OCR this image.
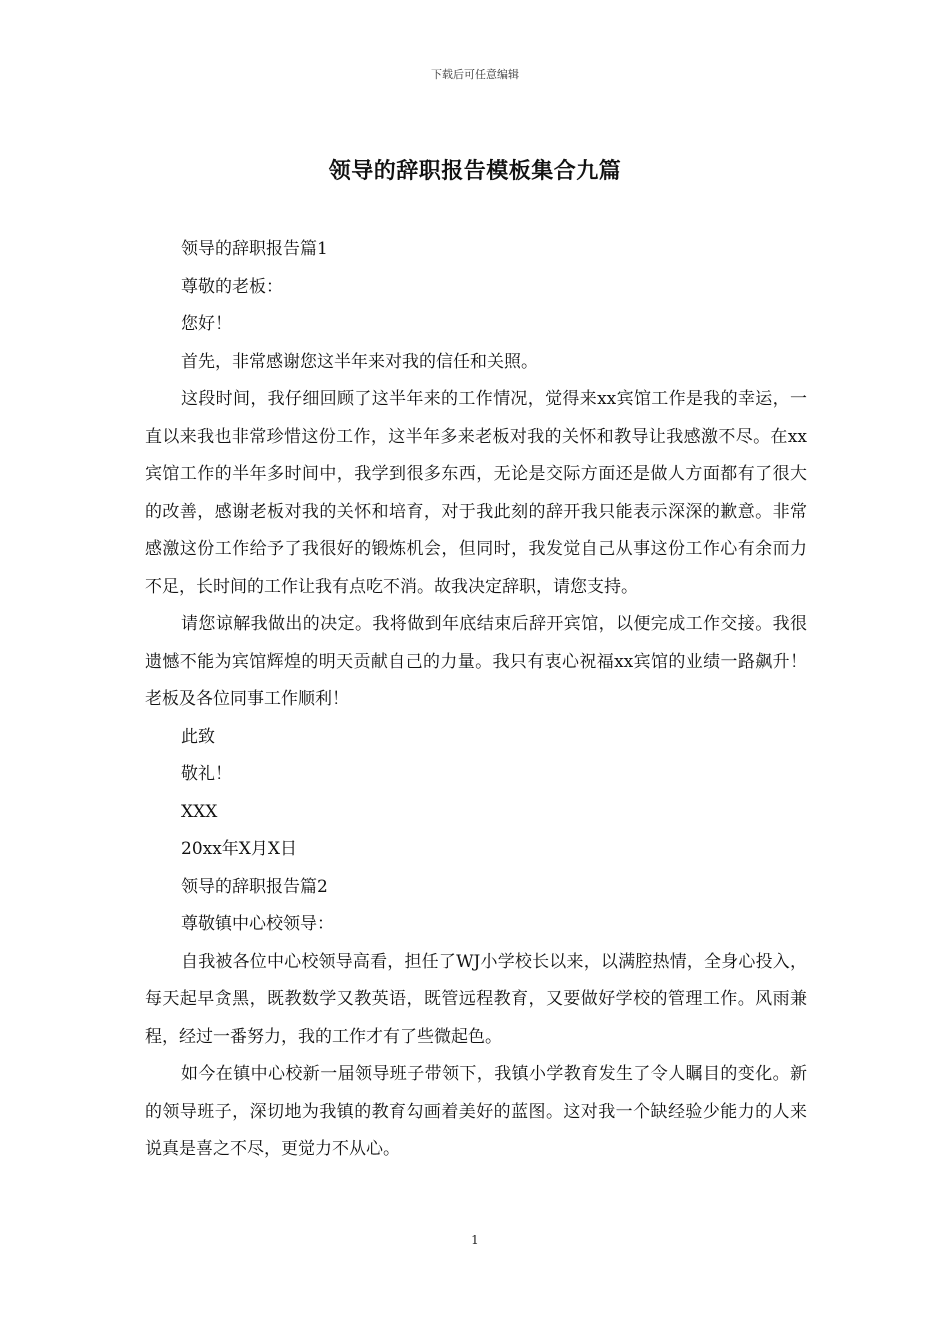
下载后可任意编辑
领导的辞职报告模板集合九篇

领导的辞职报告篇1

尊敬的老板：

您好！

首先，非常感谢您这半年来对我的信任和关照。

这段时间，我仔细回顾了这半年来的工作情况，觉得来xx宾馆工作是我的幸运，一直以来我也非常珍惜这份工作，这半年多来老板对我的关怀和教导让我感激不尽。在xx宾馆工作的半年多时间中，我学到很多东西，无论是交际方面还是做人方面都有了很大的改善，感谢老板对我的关怀和培育，对于我此刻的辞开我只能表示深深的歉意。非常感激这份工作给予了我很好的锻炼机会，但同时，我发觉自己从事这份工作心有余而力不足，长时间的工作让我有点吃不消。故我决定辞职，请您支持。

请您谅解我做出的决定。我将做到年底结束后辞开宾馆，以便完成工作交接。我很遗憾不能为宾馆辉煌的明天贡献自己的力量。我只有衷心祝福xx宾馆的业绩一路飙升！老板及各位同事工作顺利！

此致

敬礼！

XXX

20xx年X月X日

领导的辞职报告篇2

尊敬镇中心校领导：

自我被各位中心校领导高看，担任了WJ小学校长以来，以满腔热情，全身心投入，每天起早贪黑，既教数学又教英语，既管远程教育，又要做好学校的管理工作。风雨兼程，经过一番努力，我的工作才有了些微起色。

如今在镇中心校新一届领导班子带领下，我镇小学教育发生了令人瞩目的变化。新的领导班子，深切地为我镇的教育勾画着美好的蓝图。这对我一个缺经验少能力的人来说真是喜之不尽，更觉力不从心。

1
